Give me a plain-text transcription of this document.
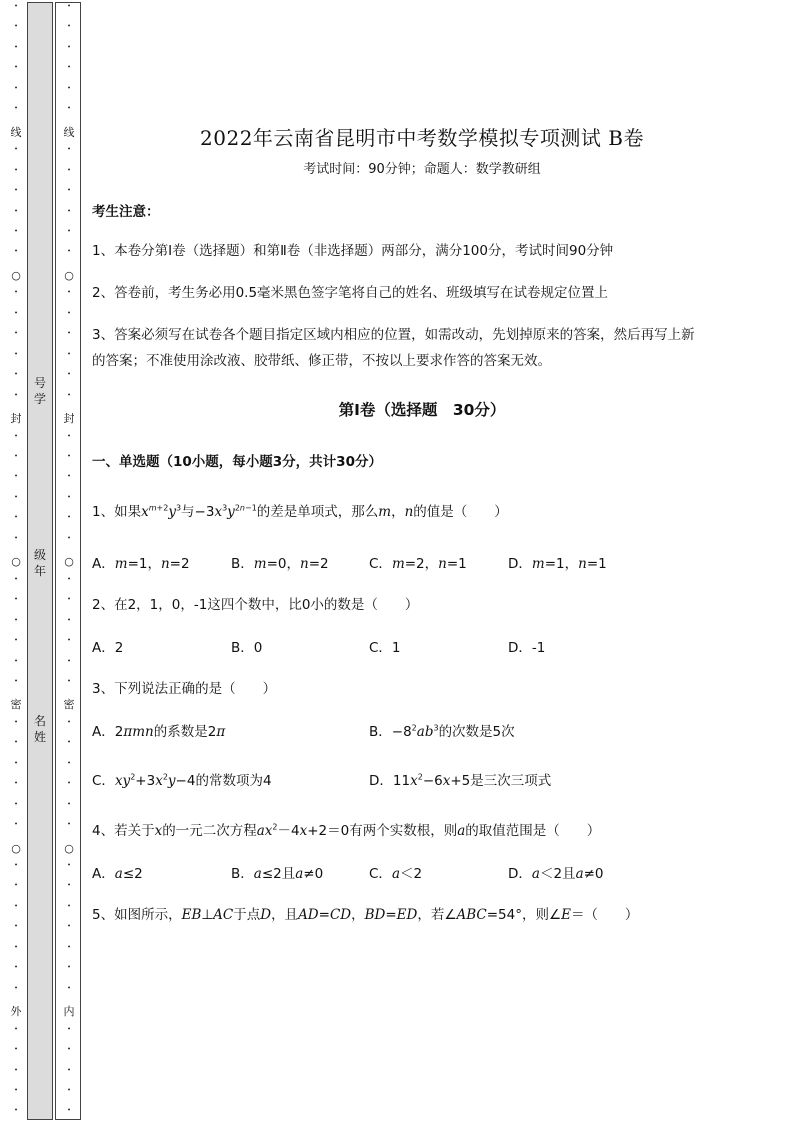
•
•
•
•
•
•
线
•
•
•
•
•
•
○
•
•
•
•
•
•
封
•
•
•
•
•
•
○
•
•
•
•
•
•
密
•
•
•
•
•
•
○
•
•
•
•
•
•
•
外
•
•
•
•
•
号学
级年
名姓
•
•
•
•
•
•
线
•
•
•
•
•
•
○
•
•
•
•
•
•
封
•
•
•
•
•
•
○
•
•
•
•
•
•
密
•
•
•
•
•
•
○
•
•
•
•
•
•
•
内
•
•
•
•
•
2022年云南省昆明市中考数学模拟专项测试 B卷
考试时间：90分钟；命题人：数学教研组
考生注意：
1、本卷分第I卷（选择题）和第Ⅱ卷（非选择题）两部分，满分100分，考试时间90分钟
2、答卷前，考生务必用0.5毫米黑色签字笔将自己的姓名、班级填写在试卷规定位置上
3、答案必须写在试卷各个题目指定区域内相应的位置，如需改动，先划掉原来的答案，然后再写上新
的答案；不准使用涂改液、胶带纸、修正带，不按以上要求作答的答案无效。
第I卷（选择题　30分）
一、单选题（10小题，每小题3分，共计30分）
1、如果$x^{m+2}y^3$与$-3x^3y^{2n-1}$的差是单项式，那么m，n的值是（　　）
A．m=1，n=2	B．m=0，n=2	C．m=2，n=1	D．m=1，n=1
2、在2，1，0，-1这四个数中，比0小的数是（　　）
A．2	B．0	C．1	D．-1
3、下列说法正确的是（　　）
A．2πmn的系数是2π	B．$-8^2ab^3$的次数是5次
C．$xy^2+3x^2y-4$的常数项为4	D．$11x^2-6x+5$是三次三项式
4、若关于x的一元二次方程$ax^2-4x+2=0$有两个实数根，则a的取值范围是（　　）
A．a≤2	B．a≤2且a≠0	C．a＜2	D．a＜2且a≠0
5、如图所示，EB⊥AC于点D，且AD=CD，BD=ED，若∠ABC=54°，则∠E＝（　　）
